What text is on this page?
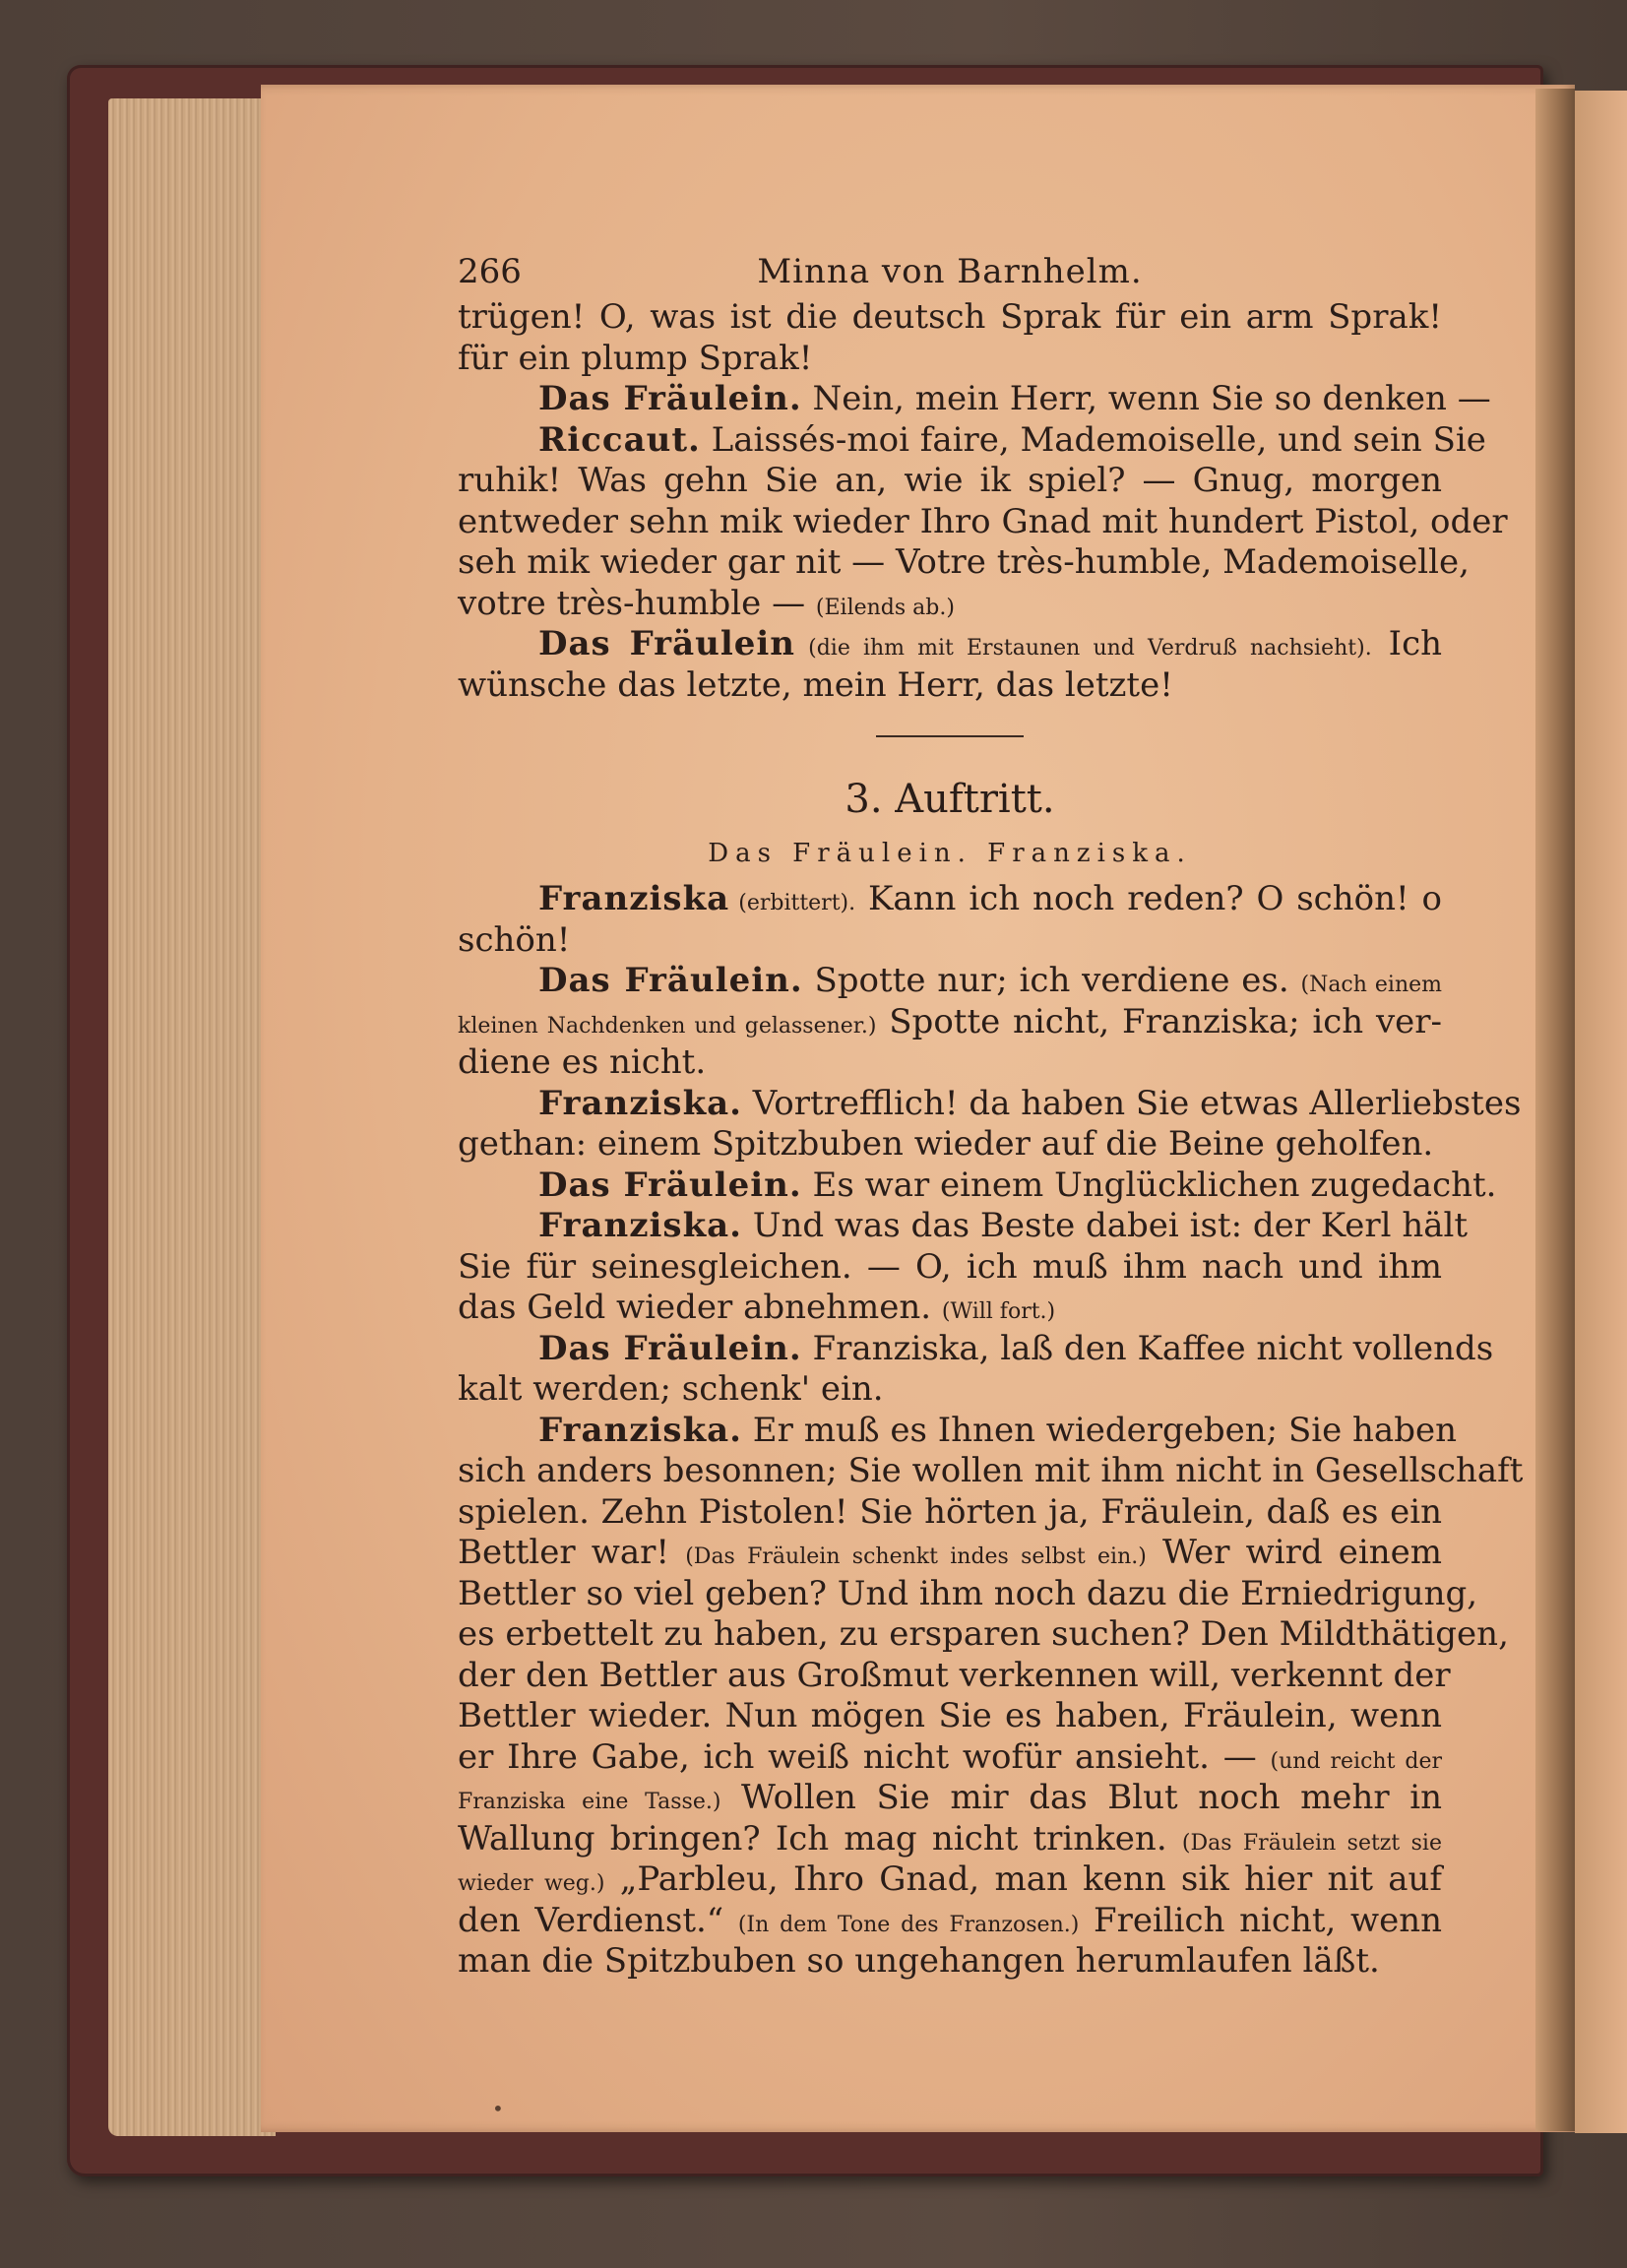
266	Minna von Barnhelm.
trügen! O, was ist die deutsch Sprak für ein arm Sprak!
für ein plump Sprak!
Das Fräulein. Nein, mein Herr, wenn Sie so denken —
Riccaut. Laissés-moi faire, Mademoiselle, und sein Sie
ruhik! Was gehn Sie an, wie ik spiel? — Gnug, morgen
entweder sehn mik wieder Ihro Gnad mit hundert Pistol, oder
seh mik wieder gar nit — Votre très-humble, Mademoiselle,
votre très-humble — (Eilends ab.)
Das Fräulein (die ihm mit Erstaunen und Verdruß nachsieht). Ich
wünsche das letzte, mein Herr, das letzte!
3. Auftritt.
Das Fräulein. Franziska.
Franziska (erbittert). Kann ich noch reden? O schön! o
schön!
Das Fräulein. Spotte nur; ich verdiene es. (Nach einem
kleinen Nachdenken und gelassener.) Spotte nicht, Franziska; ich ver-
diene es nicht.
Franziska. Vortrefflich! da haben Sie etwas Allerliebstes
gethan: einem Spitzbuben wieder auf die Beine geholfen.
Das Fräulein. Es war einem Unglücklichen zugedacht.
Franziska. Und was das Beste dabei ist: der Kerl hält
Sie für seinesgleichen. — O, ich muß ihm nach und ihm
das Geld wieder abnehmen. (Will fort.)
Das Fräulein. Franziska, laß den Kaffee nicht vollends
kalt werden; schenk' ein.
Franziska. Er muß es Ihnen wiedergeben; Sie haben
sich anders besonnen; Sie wollen mit ihm nicht in Gesellschaft
spielen. Zehn Pistolen! Sie hörten ja, Fräulein, daß es ein
Bettler war! (Das Fräulein schenkt indes selbst ein.) Wer wird einem
Bettler so viel geben? Und ihm noch dazu die Erniedrigung,
es erbettelt zu haben, zu ersparen suchen? Den Mildthätigen,
der den Bettler aus Großmut verkennen will, verkennt der
Bettler wieder. Nun mögen Sie es haben, Fräulein, wenn
er Ihre Gabe, ich weiß nicht wofür ansieht. — (und reicht der
Franziska eine Tasse.) Wollen Sie mir das Blut noch mehr in
Wallung bringen? Ich mag nicht trinken. (Das Fräulein setzt sie
wieder weg.) „Parbleu, Ihro Gnad, man kenn sik hier nit auf
den Verdienst.“ (In dem Tone des Franzosen.) Freilich nicht, wenn
man die Spitzbuben so ungehangen herumlaufen läßt.
•
